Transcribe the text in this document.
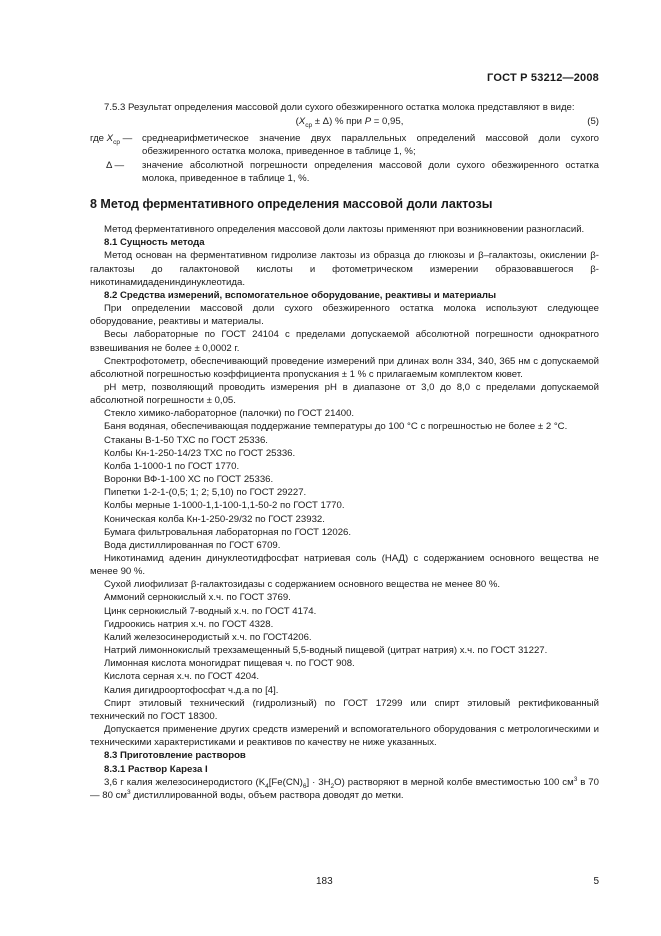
ГОСТ Р 53212—2008

7.5.3 Результат определения массовой доли сухого обезжиренного остатка молока представляют в виде:

$(X_{ср} \pm \Delta)$ % при P = 0,95,	(5)
где $X_{ср}$ —	среднеарифметическое значение двух параллельных определений массовой доли сухого обезжиренного остатка молока, приведенное в таблице 1, %;
Δ —	значение абсолютной погрешности определения массовой доли сухого обезжиренного остатка молока, приведенное в таблице 1, %.
8 Метод ферментативного определения массовой доли лактозы

Метод ферментативного определения массовой доли лактозы применяют при возникновении разногласий.

8.1 Сущность метода

Метод основан на ферментативном гидролизе лактозы из образца до глюкозы и β–галактозы, окислении β-галактозы до галактоновой кислоты и фотометрическом измерении образовавшегося β-никотинамидадениндинуклеотида.

8.2 Средства измерений, вспомогательное оборудование, реактивы и материалы

При определении массовой доли сухого обезжиренного остатка молока используют следующее оборудование, реактивы и материалы.

Весы лабораторные по ГОСТ 24104 с пределами допускаемой абсолютной погрешности однократного взвешивания не более ± 0,0002 г.

Спектрофотометр, обеспечивающий проведение измерений при длинах волн 334, 340, 365 нм с допускаемой абсолютной погрешностью коэффициента пропускания ± 1 % с прилагаемым комплектом кювет.

pH метр, позволяющий проводить измерения pH в диапазоне от 3,0 до 8,0 с пределами допускаемой абсолютной погрешности ± 0,05.

Стекло химико-лабораторное (палочки) по ГОСТ 21400.

Баня водяная, обеспечивающая поддержание температуры до 100 °С с погрешностью не более ± 2 °С.

Стаканы В-1-50 ТХС по ГОСТ 25336.

Колбы Кн-1-250-14/23 ТХС по ГОСТ 25336.

Колба 1-1000-1 по ГОСТ 1770.

Воронки ВФ-1-100 ХС по ГОСТ 25336.

Пипетки 1-2-1-(0,5; 1; 2; 5,10) по ГОСТ 29227.

Колбы мерные 1-1000-1,1-100-1,1-50-2 по ГОСТ 1770.

Коническая колба Кн-1-250-29/32 по ГОСТ 23932.

Бумага фильтровальная лабораторная по ГОСТ 12026.

Вода дистиллированная по ГОСТ 6709.

Никотинамид аденин динуклеотидфосфат натриевая соль (НАД) с содержанием основного вещества не менее 90 %.

Сухой лиофилизат β-галактозидазы с содержанием основного вещества не менее 80 %.

Аммоний сернокислый х.ч. по ГОСТ 3769.

Цинк сернокислый 7-водный х.ч. по ГОСТ 4174.

Гидроокись натрия х.ч. по ГОСТ 4328.

Калий железосинеродистый х.ч. по ГОСТ4206.

Натрий лимоннокислый трехзамещенный 5,5-водный пищевой (цитрат натрия) х.ч. по ГОСТ 31227.

Лимонная кислота моногидрат пищевая ч. по ГОСТ 908.

Кислота серная х.ч. по ГОСТ 4204.

Калия дигидроортофосфат ч.д.а по [4].

Спирт этиловый технический (гидролизный) по ГОСТ 17299 или спирт этиловый ректификованный технический по ГОСТ 18300.

Допускается применение других средств измерений и вспомогательного оборудования с метрологическими и техническими характеристиками и реактивов по качеству не ниже указанных.

8.3 Приготовление растворов

8.3.1 Раствор Кареза I

3,6 г калия железосинеродистого $(K_4[Fe(CN)_6] \cdot 3H_2O)$ растворяют в мерной колбе вместимостью 100 $см^3$ в 70 — 80 $см^3$ дистиллированной воды, объем раствора доводят до метки.

183	5
